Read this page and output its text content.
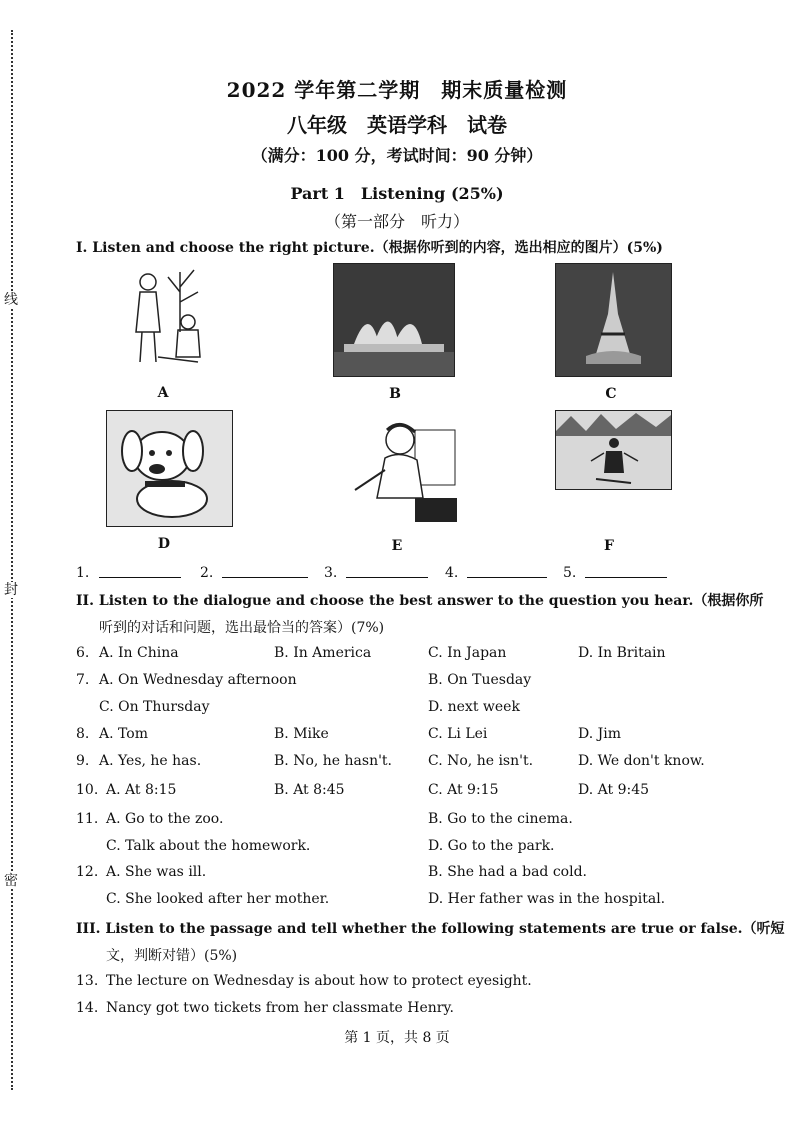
线
封
密
2022 学年第二学期　期末质量检测
八年级　英语学科　试卷
（满分：100 分，考试时间：90 分钟）
Part 1　Listening (25%)
（第一部分　听力）
I. Listen and choose the right picture.（根据你听到的内容，选出相应的图片）(5%)
A	B	C
D	E	F
1.	2.	3.	4.	5.
II. Listen to the dialogue and choose the best answer to the question you hear.（根据你所
听到的对话和问题，选出最恰当的答案）(7%)
6. A. In China	B. In America	C. In Japan	D. In Britain
7. A. On Wednesday afternoon	B. On Tuesday
C. On Thursday	D. next week
8. A. Tom	B. Mike	C. Li Lei	D. Jim
9. A. Yes, he has.	B. No, he hasn't.	C. No, he isn't.	D. We don't know.
10. A. At 8:15	B. At 8:45	C. At 9:15	D. At 9:45
11. A. Go to the zoo.	B. Go to the cinema.
C. Talk about the homework.	D. Go to the park.
12. A. She was ill.	B. She had a bad cold.
C. She looked after her mother.	D. Her father was in the hospital.
III. Listen to the passage and tell whether the following statements are true or false.（听短
文，判断对错）(5%)
13. The lecture on Wednesday is about how to protect eyesight.
14. Nancy got two tickets from her classmate Henry.
第 1 页，共 8 页
